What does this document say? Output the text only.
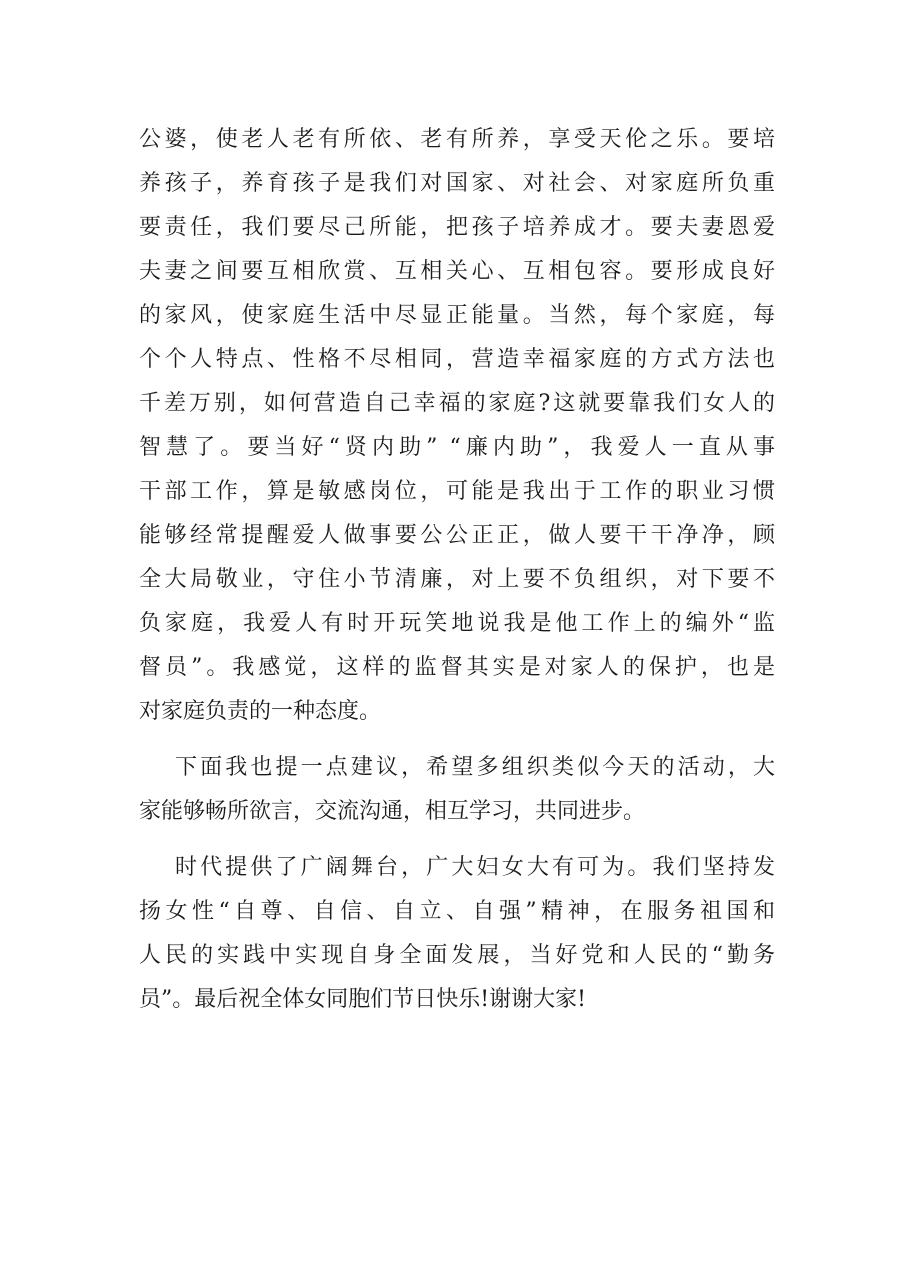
公婆，使老人老有所依、老有所养，享受天伦之乐。要培
养孩子，养育孩子是我们对国家、对社会、对家庭所负重
要责任，我们要尽己所能，把孩子培养成才。要夫妻恩爱
夫妻之间要互相欣赏、互相关心、互相包容。要形成良好
的家风，使家庭生活中尽显正能量。当然，每个家庭，每
个个人特点、性格不尽相同，营造幸福家庭的方式方法也
千差万别，如何营造自己幸福的家庭?这就要靠我们女人的
智慧了。要当好“贤内助” “廉内助”，我爱人一直从事
干部工作，算是敏感岗位，可能是我出于工作的职业习惯
能够经常提醒爱人做事要公公正正，做人要干干净净，顾
全大局敬业，守住小节清廉，对上要不负组织，对下要不
负家庭，我爱人有时开玩笑地说我是他工作上的编外“监
督员”。我感觉，这样的监督其实是对家人的保护，也是
对家庭负责的一种态度。
下面我也提一点建议，希望多组织类似今天的活动，大
家能够畅所欲言，交流沟通，相互学习，共同进步。
时代提供了广阔舞台，广大妇女大有可为。我们坚持发
扬女性“自尊、自信、自立、自强”精神，在服务祖国和
人民的实践中实现自身全面发展，当好党和人民的“勤务
员”。最后祝全体女同胞们节日快乐!谢谢大家!
